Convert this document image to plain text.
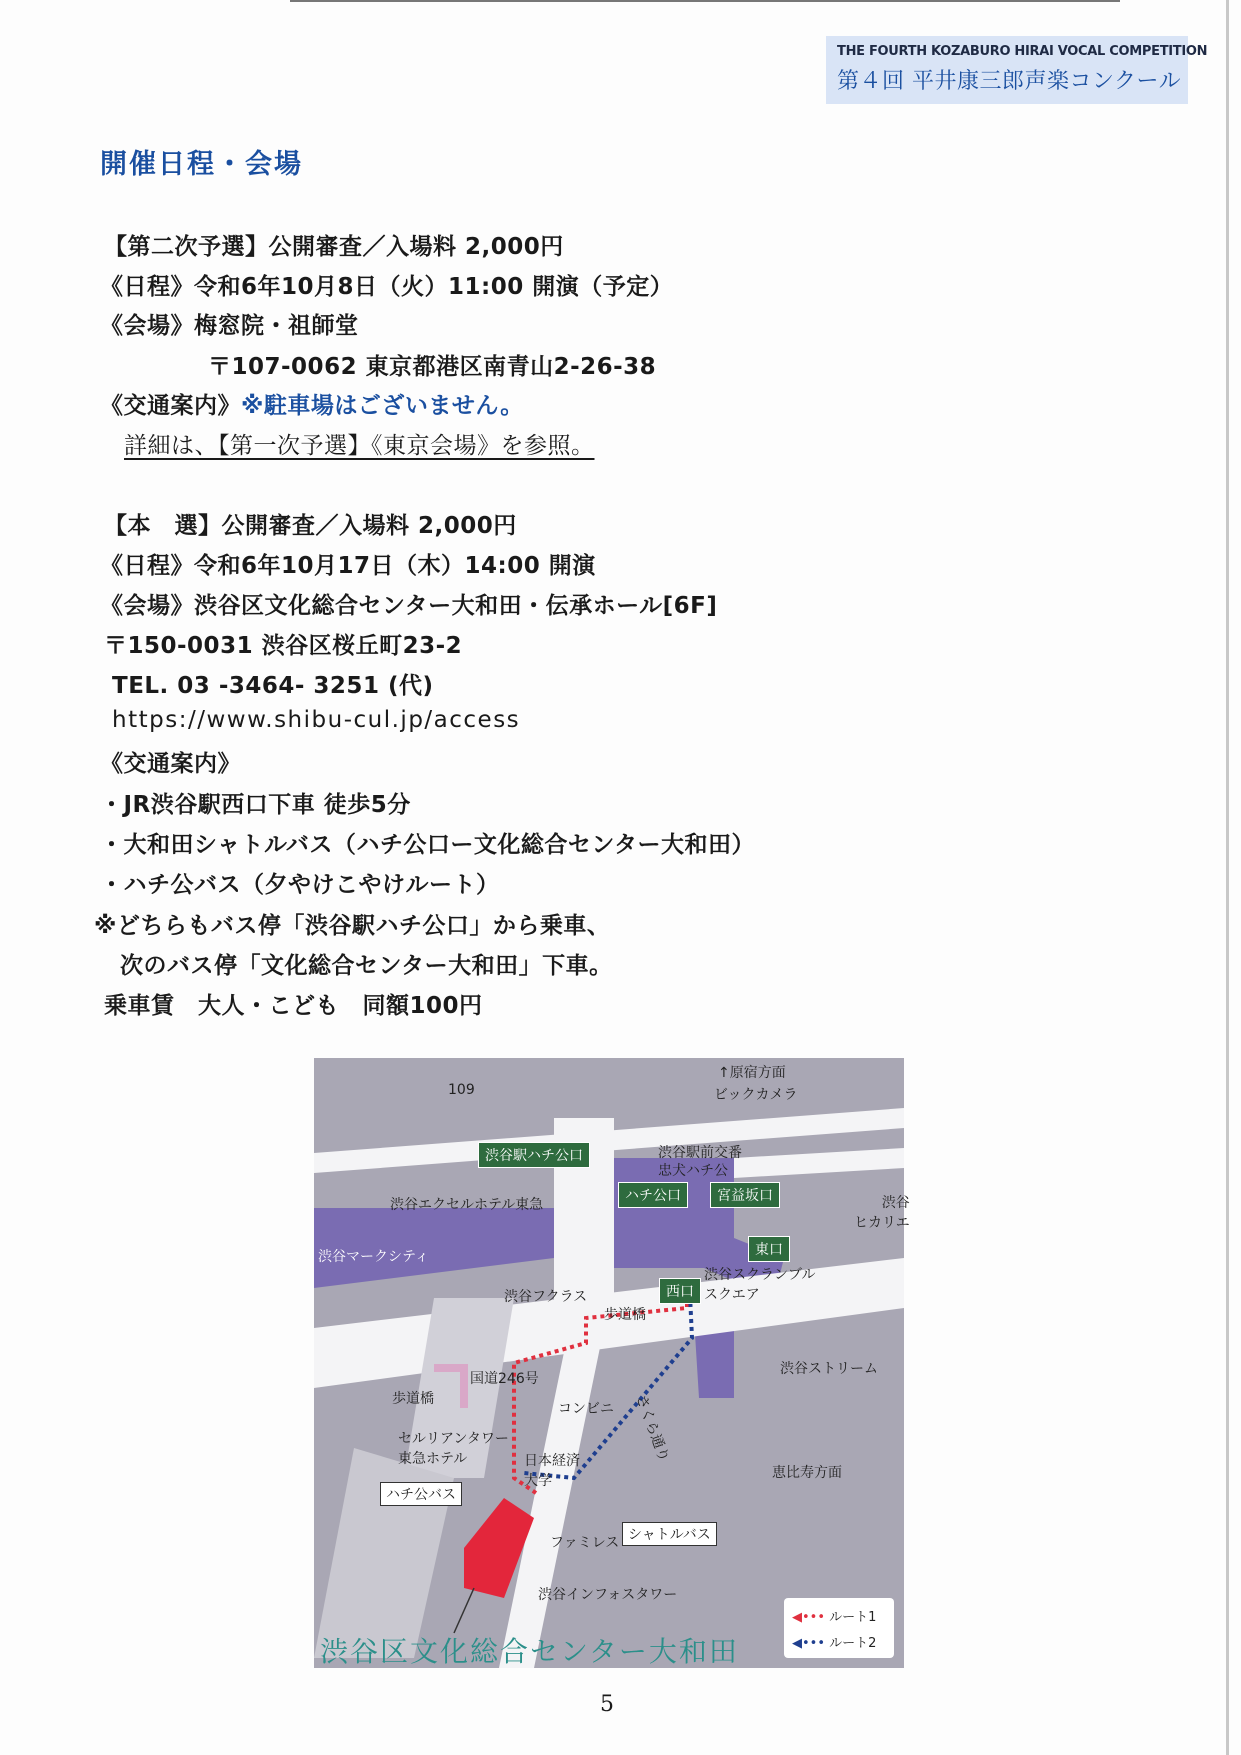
THE FOURTH KOZABURO HIRAI VOCAL COMPETITION
第４回 平井康三郎声楽コンクール
開催日程・会場
【第二次予選】公開審査／入場料 2,000円
《日程》令和6年10月8日（火）11:00 開演（予定）
《会場》梅窓院・祖師堂
〒107-0062 東京都港区南青山2-26-38
《交通案内》※駐車場はございません。
詳細は、【第一次予選】《東京会場》を参照。
【本　選】公開審査／入場料 2,000円
《日程》令和6年10月17日（木）14:00 開演
《会場》渋谷区文化総合センター大和田・伝承ホール[6F]
〒150-0031 渋谷区桜丘町23-2
TEL. 03 -3464- 3251 (代)
https://www.shibu-cul.jp/access
《交通案内》
・JR渋谷駅西口下車 徒歩5分
・大和田シャトルバス（ハチ公口ー文化総合センター大和田）
・ハチ公バス（夕やけこやけルート）
※どちらもバス停「渋谷駅ハチ公口」から乗車、
次のバス停「文化総合センター大和田」下車。
乗車賃　大人・こども　同額100円
109
↑原宿方面
ビックカメラ
渋谷駅ハチ公口	渋谷駅前交番
忠犬ハチ公
ハチ公口	宮益坂口	渋谷
ヒカリエ
渋谷エクセルホテル東急
渋谷マークシティ	東口
渋谷スクランブル
スクエア
渋谷フクラス	西口
歩道橋
国道246号
歩道橋
渋谷ストリーム
コンビニ さくら通り
セルリアンタワー
東急ホテル	日本経済
大学	恵比寿方面
ハチ公バス
ファミレス シャトルバス
渋谷インフォスタワー
◀••• ルート1
◀••• ルート2
渋谷区文化総合センター大和田
5
